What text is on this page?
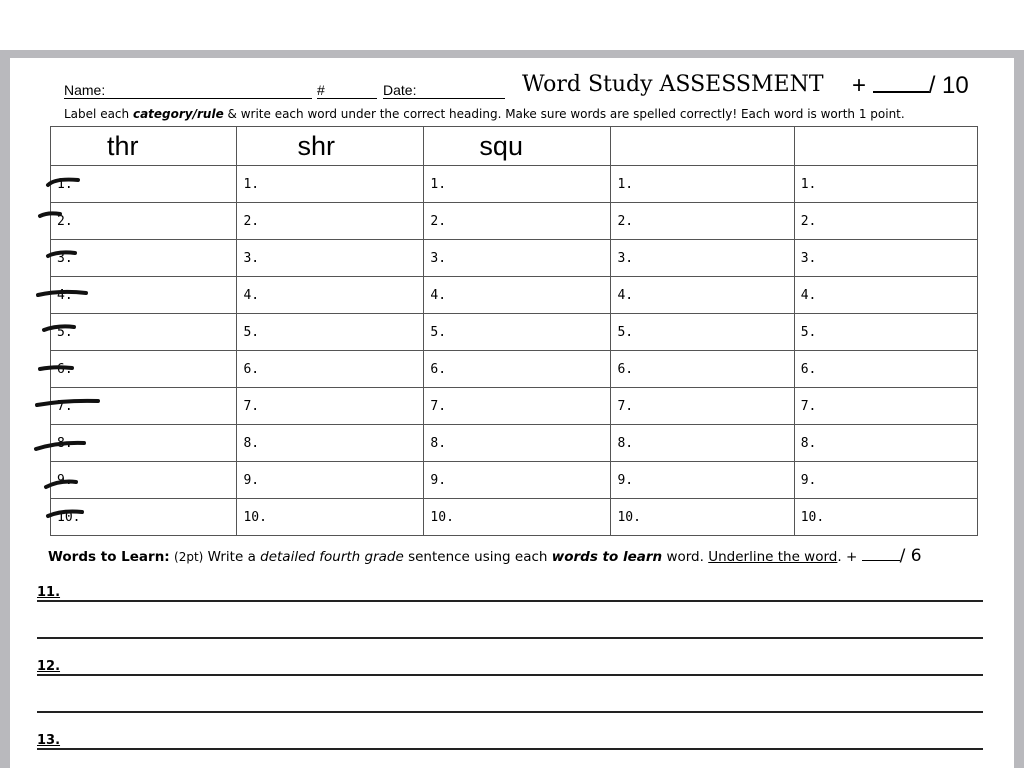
Name:	#	Date:	Word Study ASSESSMENT +	/ 10
Label each category/rule & write each word under the correct heading. Make sure words are spelled correctly! Each word is worth 1 point.
thr	shr	squ		
1.	1.	1.	1.	1.
2.	2.	2.	2.	2.
3.	3.	3.	3.	3.
4.	4.	4.	4.	4.
5.	5.	5.	5.	5.
6.	6.	6.	6.	6.
7.	7.	7.	7.	7.
8.	8.	8.	8.	8.
9.	9.	9.	9.	9.
10.	10.	10.	10.	10.
Words to Learn: (2pt) Write a detailed fourth grade sentence using each words to learn word. Underline the word. + / 6
11.
12.
13.
